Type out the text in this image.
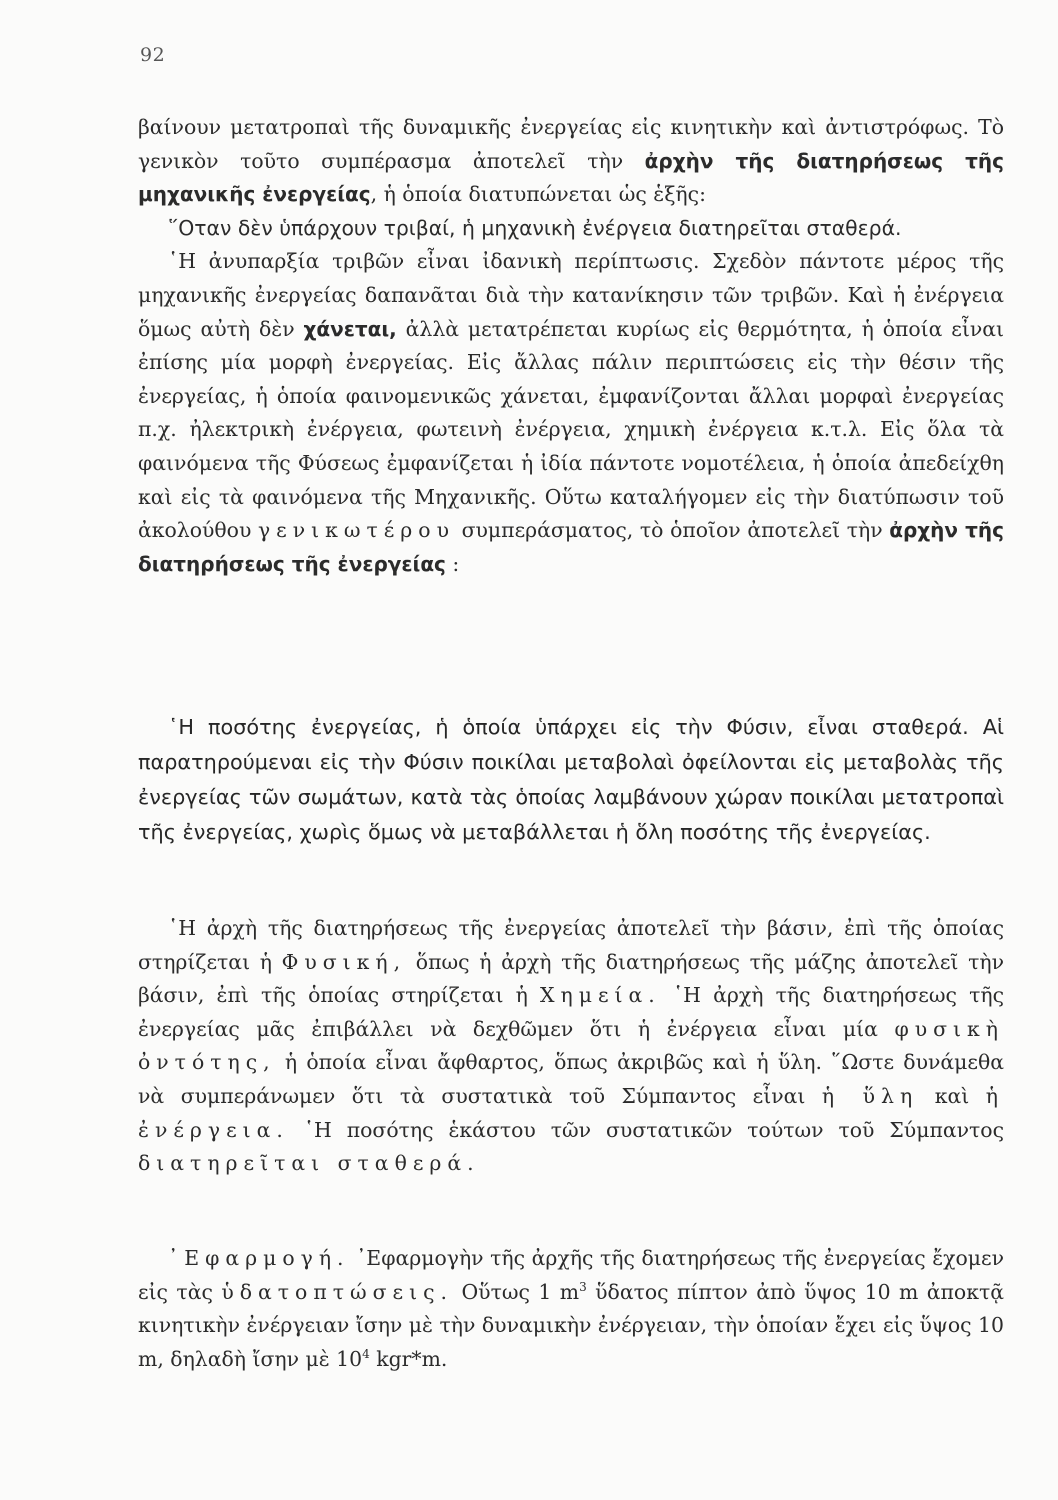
92

βαίνουν μετατροπαὶ τῆς δυναμικῆς ἐνεργείας εἰς κινητικὴν καὶ ἀντιστρόφως. Τὸ γενικὸν τοῦτο συμπέρασμα ἀποτελεῖ τὴν ἀρχὴν τῆς διατηρήσεως τῆς μηχανικῆς ἐνεργείας, ἡ ὁποία διατυπώνεται ὡς ἑξῆς:

῞Οταν δὲν ὑπάρχουν τριβαί, ἡ μηχανικὴ ἐνέργεια διατηρεῖται σταθερά.

῾Η ἀνυπαρξία τριβῶν εἶναι ἰδανικὴ περίπτωσις. Σχεδὸν πάντοτε μέρος τῆς μηχανικῆς ἐνεργείας δαπανᾶται διὰ τὴν κατανίκησιν τῶν τριβῶν. Καὶ ἡ ἐνέργεια ὅμως αὐτὴ δὲν χάνεται, ἀλλὰ μετατρέπεται κυρίως εἰς θερμότητα, ἡ ὁποία εἶναι ἐπίσης μία μορφὴ ἐνεργείας. Εἰς ἄλλας πάλιν περιπτώσεις εἰς τὴν θέσιν τῆς ἐνεργείας, ἡ ὁποία φαινομενικῶς χάνεται, ἐμφανίζονται ἄλλαι μορφαὶ ἐνεργείας π.χ. ἠλεκτρικὴ ἐνέργεια, φωτεινὴ ἐνέργεια, χημικὴ ἐνέργεια κ.τ.λ. Εἰς ὅλα τὰ φαινόμενα τῆς Φύσεως ἐμφανίζεται ἡ ἰδία πάντοτε νομοτέλεια, ἡ ὁποία ἀπεδείχθη καὶ εἰς τὰ φαινόμενα τῆς Μηχανικῆς. Οὕτω καταλήγομεν εἰς τὴν διατύπωσιν τοῦ ἀκολούθου γενικωτέρου συμπεράσματος, τὸ ὁποῖον ἀποτελεῖ τὴν ἀρχὴν τῆς διατηρήσεως τῆς ἐνεργείας :

῾Η ποσότης ἐνεργείας, ἡ ὁποία ὑπάρχει εἰς τὴν Φύσιν, εἶναι σταθερά. Αἱ παρατηρούμεναι εἰς τὴν Φύσιν ποικίλαι μεταβολαὶ ὀφείλονται εἰς μεταβολὰς τῆς ἐνεργείας τῶν σωμάτων, κατὰ τὰς ὁποίας λαμβάνουν χώραν ποικίλαι μετατροπαὶ τῆς ἐνεργείας, χωρὶς ὅμως νὰ μεταβάλλεται ἡ ὅλη ποσότης τῆς ἐνεργείας.

῾Η ἀρχὴ τῆς διατηρήσεως τῆς ἐνεργείας ἀποτελεῖ τὴν βάσιν, ἐπὶ τῆς ὁποίας στηρίζεται ἡ Φυσική, ὅπως ἡ ἀρχὴ τῆς διατηρήσεως τῆς μάζης ἀποτελεῖ τὴν βάσιν, ἐπὶ τῆς ὁποίας στηρίζεται ἡ Χημεία. ῾Η ἀρχὴ τῆς διατηρήσεως τῆς ἐνεργείας μᾶς ἐπιβάλλει νὰ δεχθῶμεν ὅτι ἡ ἐνέργεια εἶναι μία φυσικὴ ὀντότης, ἡ ὁποία εἶναι ἄφθαρτος, ὅπως ἀκριβῶς καὶ ἡ ὕλη. ῞Ωστε δυνάμεθα νὰ συμπεράνωμεν ὅτι τὰ συστατικὰ τοῦ Σύμπαντος εἶναι ἡ ὕλη καὶ ἡ ἐνέργεια. ῾Η ποσότης ἑκάστου τῶν συστατικῶν τούτων τοῦ Σύμπαντος διατηρεῖται σταθερά.

᾿Εφαρμογή. ᾿Εφαρμογὴν τῆς ἀρχῆς τῆς διατηρήσεως τῆς ἐνεργείας ἔχομεν εἰς τὰς ὑδατοπτώσεις. Οὕτως 1 $m^3$ ὕδατος πίπτον ἀπὸ ὕψος 10 m ἀποκτᾷ κινητικὴν ἐνέργειαν ἴσην μὲ τὴν δυναμικὴν ἐνέργειαν, τὴν ὁποίαν ἔχει εἰς ὕψος 10 m, δηλαδὴ ἴσην μὲ $10^4$ kgr*m.
